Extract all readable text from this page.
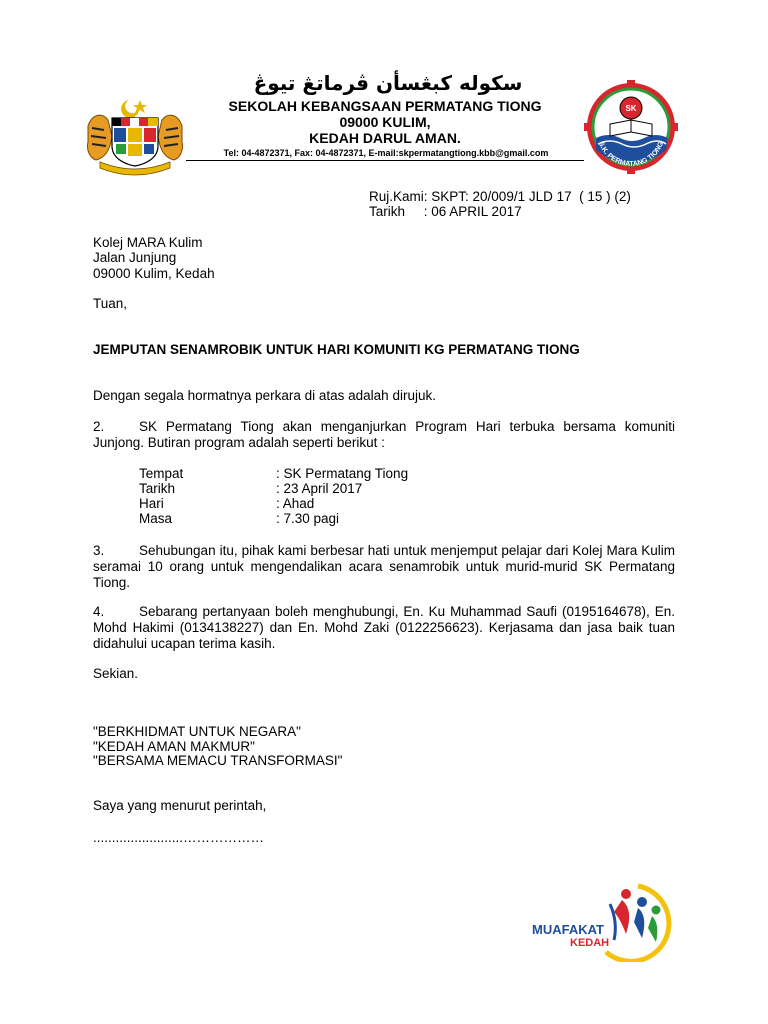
سكوله كبڠسأن ڤرماتڠ تيوڠ
SEKOLAH KEBANGSAAN PERMATANG TIONG
09000 KULIM,
KEDAH DARUL AMAN.
Tel: 04-4872371, Fax: 04-4872371, E-mail:skpermatangtiong.kbb@gmail.com
SK
S.K. PERMATANG TIONG
Ruj.Kami: SKPT: 20/009/1 JLD 17  ( 15 ) (2)
Tarikh     : 06 APRIL 2017
Kolej MARA Kulim
Jalan Junjung
09000 Kulim, Kedah
Tuan,
JEMPUTAN SENAMROBIK UNTUK HARI KOMUNITI KG PERMATANG TIONG
Dengan segala hormatnya perkara di atas adalah dirujuk.
2.	SK Permatang Tiong akan menganjurkan Program Hari terbuka bersama komuniti Junjong. Butiran program adalah seperti berikut :
Tempat	: SK Permatang Tiong
Tarikh	: 23 April 2017
Hari	: Ahad
Masa	: 7.30 pagi
3.	Sehubungan itu, pihak kami berbesar hati untuk menjemput pelajar dari Kolej Mara Kulim seramai 10 orang untuk mengendalikan acara senamrobik untuk murid-murid SK Permatang Tiong.
4.	Sebarang pertanyaan boleh menghubungi, En. Ku Muhammad Saufi (0195164678), En. Mohd Hakimi (0134138227) dan En. Mohd Zaki (0122256623). Kerjasama dan jasa baik tuan didahului ucapan terima kasih.
Sekian.
"BERKHIDMAT UNTUK NEGARA"
"KEDAH AMAN MAKMUR"
"BERSAMA MEMACU TRANSFORMASI"
Saya yang menurut perintah,
........................………………
MUAFAKAT
KEDAH
